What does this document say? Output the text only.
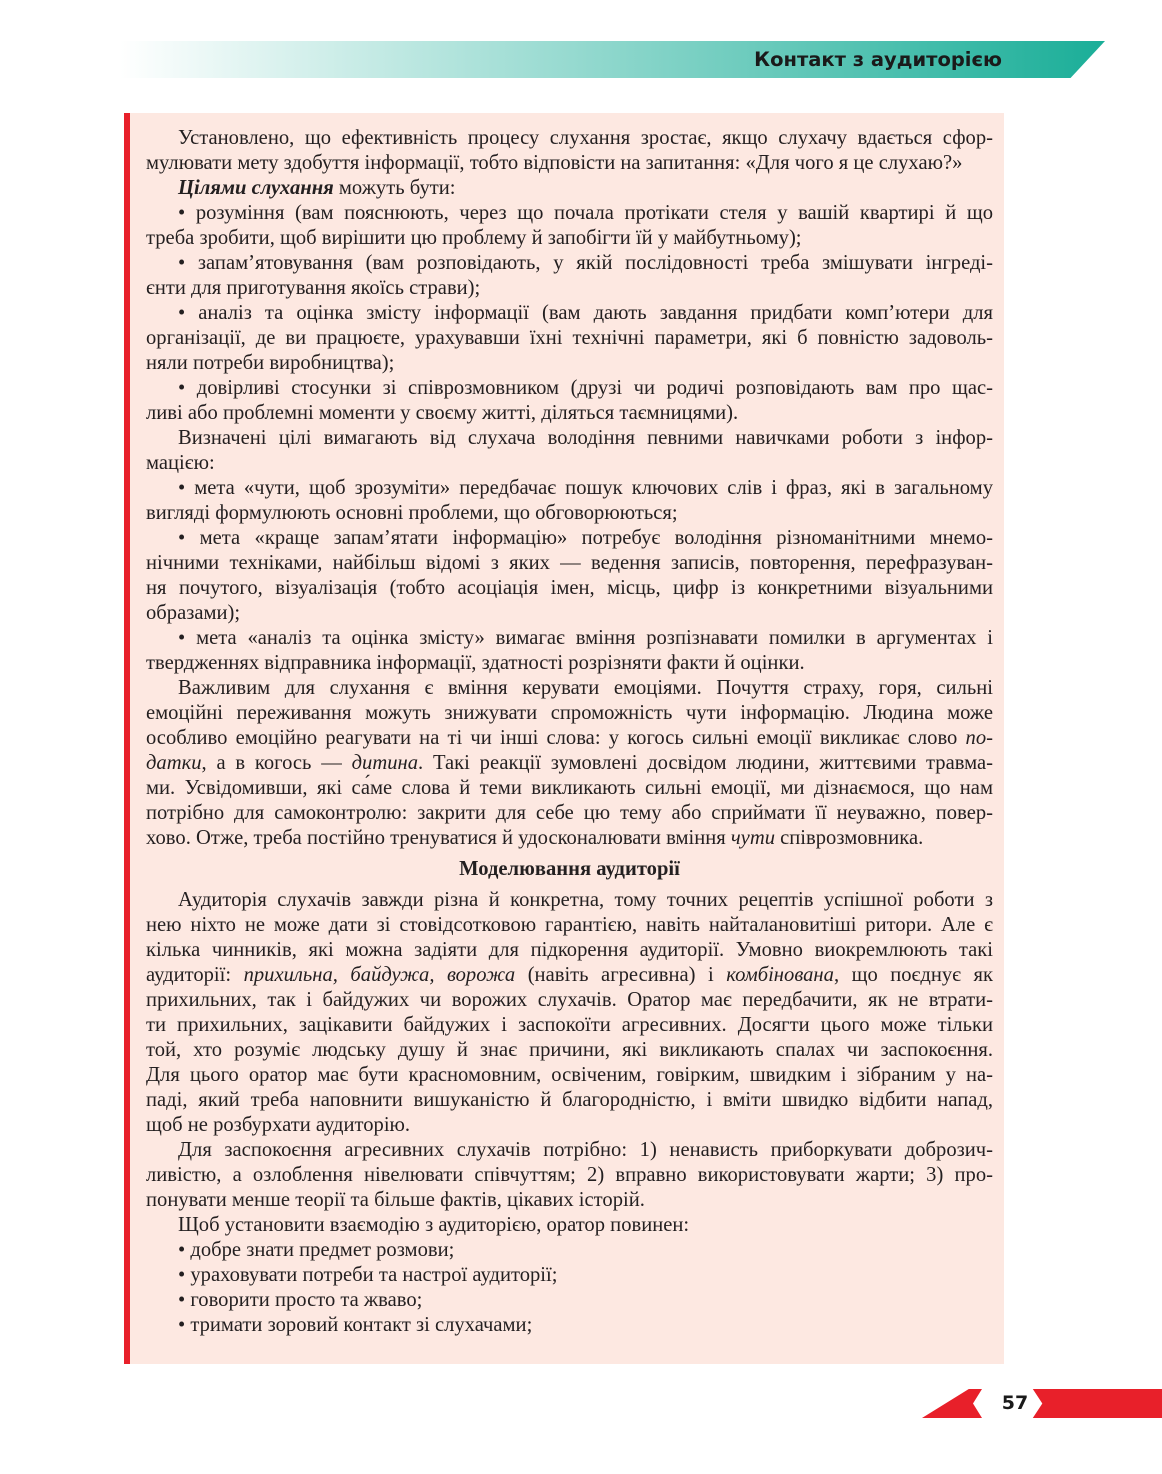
Контакт з аудиторією
Установлено, що ефективність процесу слухання зростає, якщо слухачу вдається сфор-
мулювати мету здобуття інформації, тобто відповісти на запитання: «Для чого я це слухаю?»
Цілями слухання можуть бути:
• розуміння (вам пояснюють, через що почала протікати стеля у вашій квартирі й що
треба зробити, щоб вирішити цю проблему й запобігти їй у майбутньому);
• запам’ятовування (вам розповідають, у якій послідовності треба змішувати інгреді-
єнти для приготування якоїсь страви);
• аналіз та оцінка змісту інформації (вам дають завдання придбати комп’ютери для
організації, де ви працюєте, урахувавши їхні технічні параметри, які б повністю задоволь-
няли потреби виробництва);
• довірливі стосунки зі співрозмовником (друзі чи родичі розповідають вам про щас-
ливі або проблемні моменти у своєму житті, діляться таємницями).
Визначені цілі вимагають від слухача володіння певними навичками роботи з інфор-
мацією:
• мета «чути, щоб зрозуміти» передбачає пошук ключових слів і фраз, які в загальному
вигляді формулюють основні проблеми, що обговорюються;
• мета «краще запам’ятати інформацію» потребує володіння різноманітними мнемо-
нічними техніками, найбільш відомі з яких — ведення записів, повторення, перефразуван-
ня почутого, візуалізація (тобто асоціація імен, місць, цифр із конкретними візуальними
образами);
• мета «аналіз та оцінка змісту» вимагає вміння розпізнавати помилки в аргументах і
твердженнях відправника інформації, здатності розрізняти факти й оцінки.
Важливим для слухання є вміння керувати емоціями. Почуття страху, горя, сильні
емоційні переживання можуть знижувати спроможність чути інформацію. Людина може
особливо емоційно реагувати на ті чи інші слова: у когось сильні емоції викликає слово по-
датки, а в когось — дитина. Такі реакції зумовлені досвідом людини, життєвими травма-
ми. Усвідомивши, які са́ме слова й теми викликають сильні емоції, ми дізнаємося, що нам
потрібно для самоконтролю: закрити для себе цю тему або сприймати її неуважно, повер-
хово. Отже, треба постійно тренуватися й удосконалювати вміння чути співрозмовника.
Моделювання аудиторії
Аудиторія слухачів завжди різна й конкретна, тому точних рецептів успішної роботи з
нею ніхто не може дати зі стовідсотковою гарантією, навіть найталановитіші ритори. Але є
кілька чинників, які можна задіяти для підкорення аудиторії. Умовно виокремлюють такі
аудиторії: прихильна, байдужа, ворожа (навіть агресивна) і комбінована, що поєднує як
прихильних, так і байдужих чи ворожих слухачів. Оратор має передбачити, як не втрати-
ти прихильних, зацікавити байдужих і заспокоїти агресивних. Досягти цього може тільки
той, хто розуміє людську душу й знає причини, які викликають спалах чи заспокоєння.
Для цього оратор має бути красномовним, освіченим, говірким, швидким і зібраним у на-
паді, який треба наповнити вишуканістю й благородністю, і вміти швидко відбити напад,
щоб не розбурхати аудиторію.
Для заспокоєння агресивних слухачів потрібно: 1) ненависть приборкувати доброзич-
ливістю, а озлоблення нівелювати співчуттям; 2) вправно використовувати жарти; 3) про-
понувати менше теорії та більше фактів, цікавих історій.
Щоб установити взаємодію з аудиторією, оратор повинен:
• добре знати предмет розмови;
• ураховувати потреби та настрої аудиторії;
• говорити просто та жваво;
• тримати зоровий контакт зі слухачами;
57
